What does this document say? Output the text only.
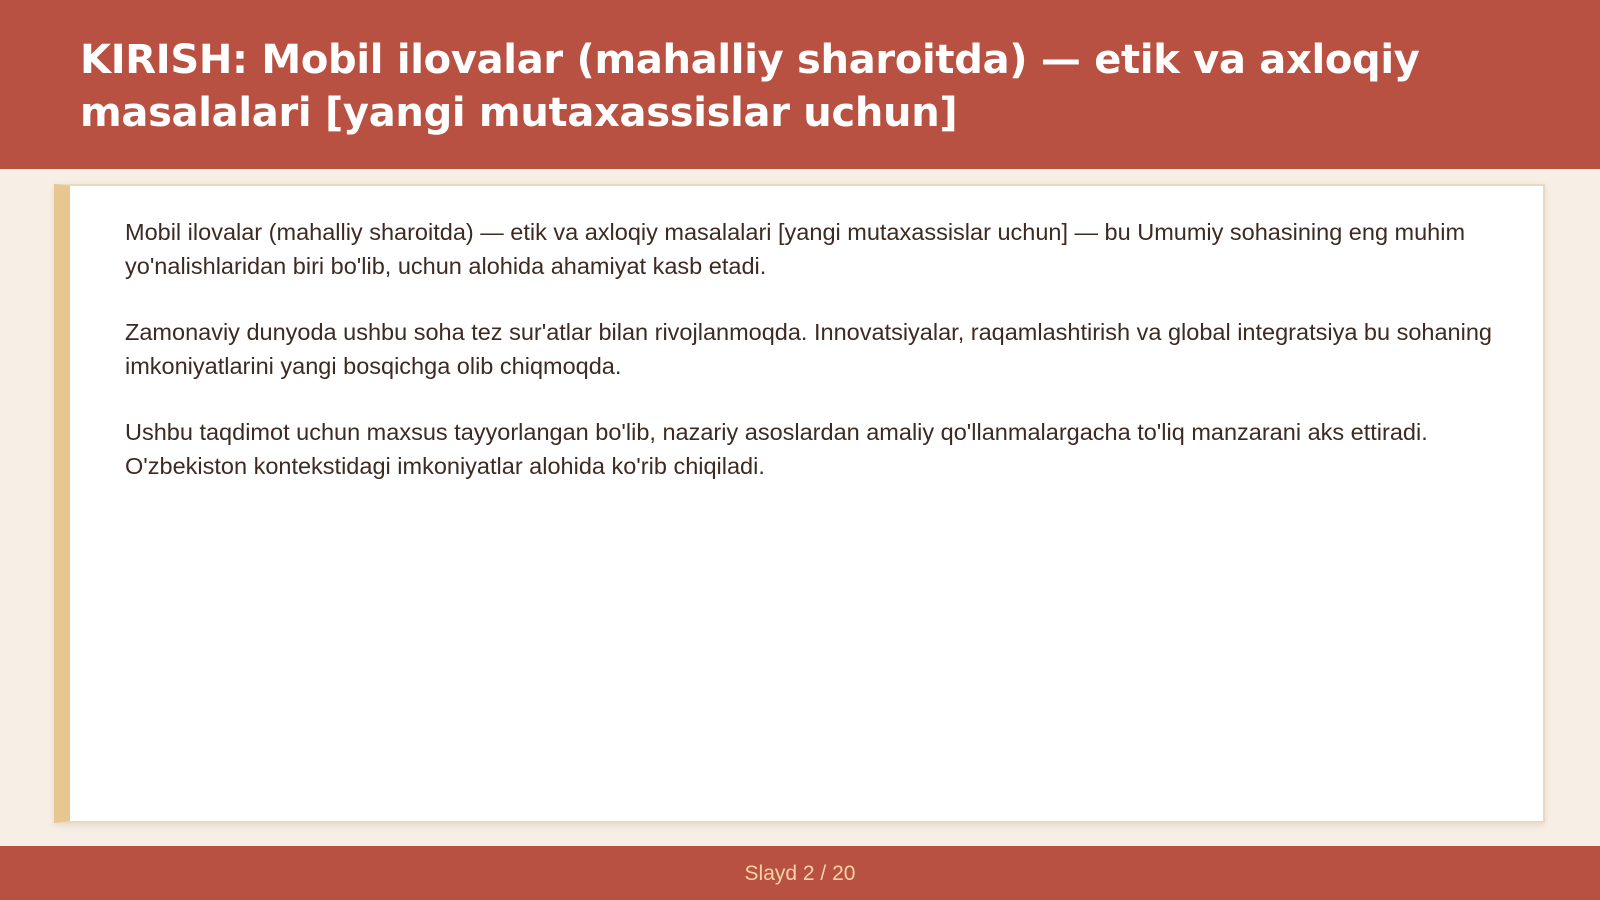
KIRISH: Mobil ilovalar (mahalliy sharoitda) — etik va axloqiy masalalari [yangi mutaxassislar uchun]

Mobil ilovalar (mahalliy sharoitda) — etik va axloqiy masalalari [yangi mutaxassislar uchun] — bu Umumiy sohasining eng muhim yo'nalishlaridan biri bo'lib, uchun alohida ahamiyat kasb etadi.

Zamonaviy dunyoda ushbu soha tez sur'atlar bilan rivojlanmoqda. Innovatsiyalar, raqamlashtirish va global integratsiya bu sohaning imkoniyatlarini yangi bosqichga olib chiqmoqda.

Ushbu taqdimot uchun maxsus tayyorlangan bo'lib, nazariy asoslardan amaliy qo'llanmalargacha to'liq manzarani aks ettiradi. O'zbekiston kontekstidagi imkoniyatlar alohida ko'rib chiqiladi.

Slayd 2 / 20
